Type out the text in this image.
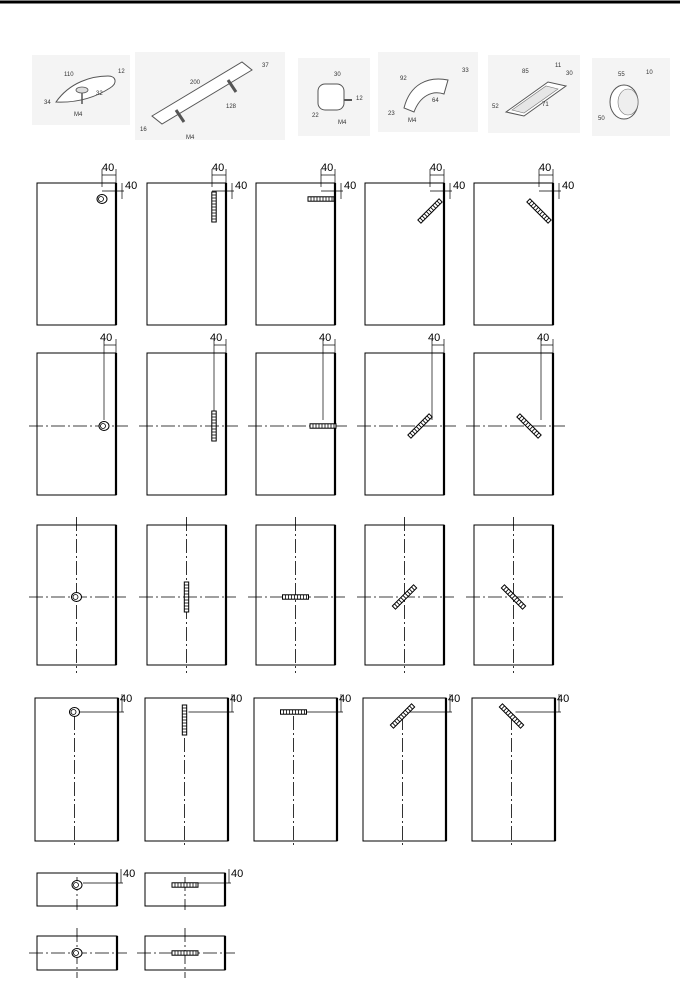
110	12
34
32
M4
200
37
128
16
M4
30
12
22
M4
92
33
64
23
M4
85
11
30
52	71
55	10
50
40
40
40
40
40
40
40
40
40
40
40	40	40	40	40
40	40	40	40	40
40	40
